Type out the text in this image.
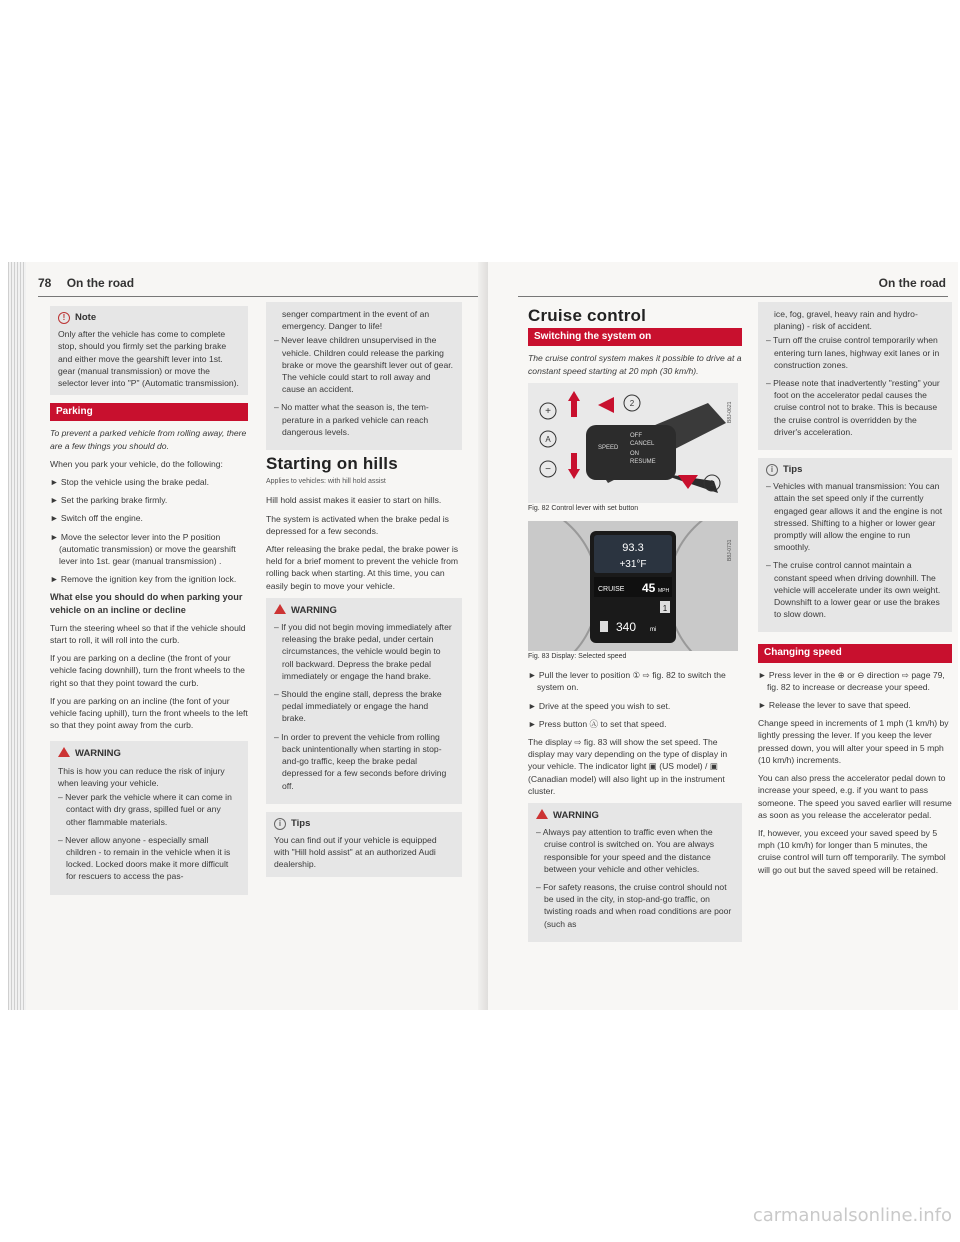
78 On the road
! Note
Only after the vehicle has come to complete stop, should you firmly set the parking brake and either move the gearshift lever into 1st. gear (manual transmission) or move the selector lever into "P" (Automatic transmission).
Parking

To prevent a parked vehicle from rolling away, there are a few things you should do.

When you park your vehicle, do the following:

► Stop the vehicle using the brake pedal.

► Set the parking brake firmly.

► Switch off the engine.

► Move the selector lever into the P position (automatic transmission) or move the gearshift lever into 1st. gear (manual transmission) .

► Remove the ignition key from the ignition lock.

What else you should do when parking your vehicle on an incline or decline

Turn the steering wheel so that if the vehicle should start to roll, it will roll into the curb.

If you are parking on a decline (the front of your vehicle facing downhill), turn the front wheels to the right so that they point toward the curb.

If you are parking on an incline (the font of your vehicle facing uphill), turn the front wheels to the left so that they point away from the curb.

WARNING

This is how you can reduce the risk of injury when leaving your vehicle.

– Never park the vehicle where it can come in contact with dry grass, spilled fuel or any other flammable materials.

– Never allow anyone - especially small children - to remain in the vehicle when it is locked. Locked doors make it more difficult for rescuers to access the pas-

senger compartment in the event of an emergency. Danger to life!

– Never leave children unsupervised in the vehicle. Children could release the parking brake or move the gearshift lever out of gear. The vehicle could start to roll away and cause an accident.

– No matter what the season is, the temperature in a parked vehicle can reach dangerous levels.

Starting on hills

Applies to vehicles: with hill hold assist

Hill hold assist makes it easier to start on hills.

The system is activated when the brake pedal is depressed for a few seconds.

After releasing the brake pedal, the brake power is held for a brief moment to prevent the vehicle from rolling back when starting. At this time, you can easily begin to move your vehicle.

WARNING

– If you did not begin moving immediately after releasing the brake pedal, under certain circumstances, the vehicle would begin to roll backward. Depress the brake pedal immediately or engage the hand brake.

– Should the engine stall, depress the brake pedal immediately or engage the hand brake.

– In order to prevent the vehicle from rolling back unintentionally when starting in stop-and-go traffic, keep the brake pedal depressed for a few seconds before driving off.

i Tips
You can find out if your vehicle is equipped with "Hill hold assist" at an authorized Audi dealership.
On the road
Cruise control
Switching the system on

The cruise control system makes it possible to drive at a constant speed starting at 20 mph (30 km/h).

+
A
−
2
1
SPEED
OFF
CANCEL
ON
RESUME
B8J-0621

Fig. 82 Control lever with set button

93.3
+31°F
CRUISE 45 MPH
1
340 mi
B8J-0731

Fig. 83 Display: Selected speed

► Pull the lever to position ① ⇨ fig. 82 to switch the system on.

► Drive at the speed you wish to set.

► Press button Ⓐ to set that speed.

The display ⇨ fig. 83 will show the set speed. The display may vary depending on the type of display in your vehicle. The indicator light ▣ (US model) / ▣ (Canadian model) will also light up in the instrument cluster.

WARNING

– Always pay attention to traffic even when the cruise control is switched on. You are always responsible for your speed and the distance between your vehicle and other vehicles.

– For safety reasons, the cruise control should not be used in the city, in stop-and-go traffic, on twisting roads and when road conditions are poor (such as

ice, fog, gravel, heavy rain and hydroplaning) - risk of accident.

– Turn off the cruise control temporarily when entering turn lanes, highway exit lanes or in construction zones.

– Please note that inadvertently "resting" your foot on the accelerator pedal causes the cruise control not to brake. This is because the cruise control is overridden by the driver's acceleration.

i Tips

– Vehicles with manual transmission: You can attain the set speed only if the currently engaged gear allows it and the engine is not stressed. Shifting to a higher or lower gear promptly will allow the engine to run smoothly.

– The cruise control cannot maintain a constant speed when driving downhill. The vehicle will accelerate under its own weight. Downshift to a lower gear or use the brakes to slow down.

Changing speed

► Press lever in the ⊕ or ⊖ direction ⇨ page 79, fig. 82 to increase or decrease your speed.

► Release the lever to save that speed.

Change speed in increments of 1 mph (1 km/h) by lightly pressing the lever. If you keep the lever pressed down, you will alter your speed in 5 mph (10 km/h) increments.

You can also press the accelerator pedal down to increase your speed, e.g. if you want to pass someone. The speed you saved earlier will resume as soon as you release the accelerator pedal.

If, however, you exceed your saved speed by 5 mph (10 km/h) for longer than 5 minutes, the cruise control will turn off temporarily. The symbol will go out but the saved speed will be retained.

carmanualsonline.info
